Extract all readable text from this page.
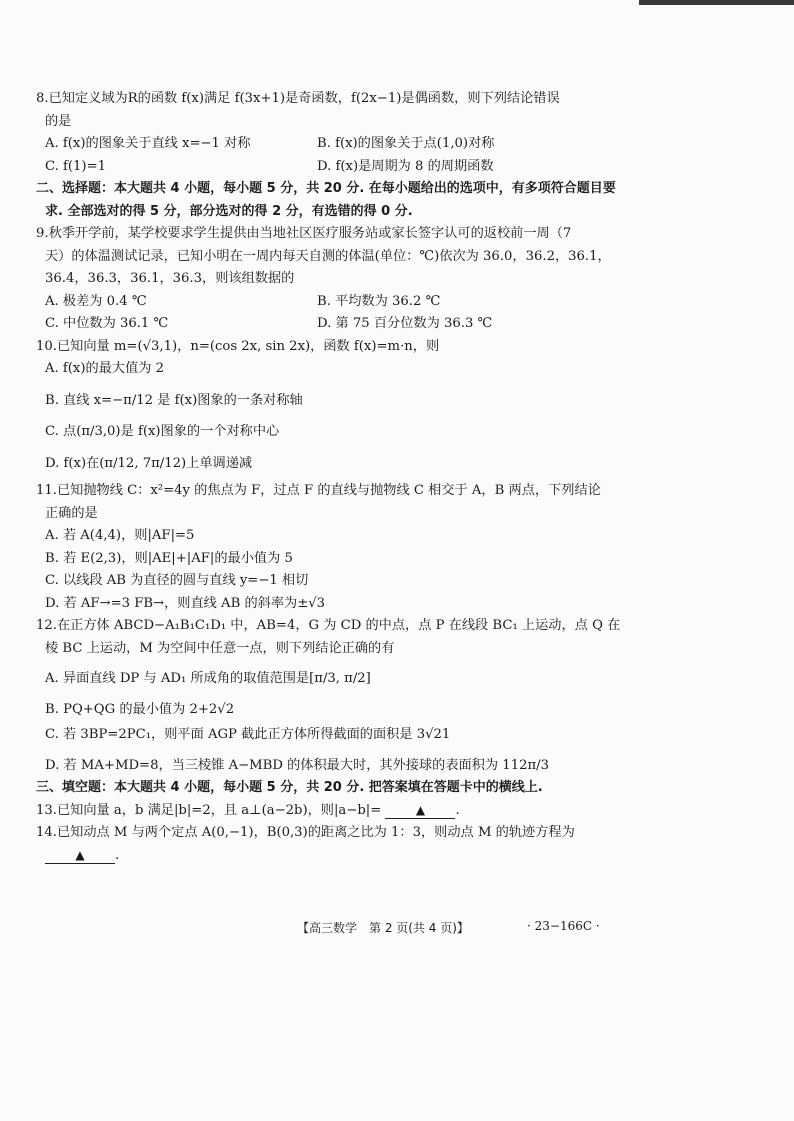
8.已知定义域为R的函数 f(x)满足 f(3x+1)是奇函数，f(2x−1)是偶函数，则下列结论错误
的是
A. f(x)的图象关于直线 x=−1 对称	B. f(x)的图象关于点(1,0)对称
C. f(1)=1	D. f(x)是周期为 8 的周期函数
二、选择题：本大题共 4 小题，每小题 5 分，共 20 分. 在每小题给出的选项中，有多项符合题目要
求. 全部选对的得 5 分，部分选对的得 2 分，有选错的得 0 分.
9.秋季开学前，某学校要求学生提供由当地社区医疗服务站或家长签字认可的返校前一周（7
天）的体温测试记录，已知小明在一周内每天自测的体温(单位：℃)依次为 36.0，36.2，36.1，
36.4，36.3，36.1，36.3，则该组数据的
A. 极差为 0.4 ℃	B. 平均数为 36.2 ℃
C. 中位数为 36.1 ℃	D. 第 75 百分位数为 36.3 ℃
10.已知向量 m=(√3,1)，n=(cos 2x, sin 2x)，函数 f(x)=m·n，则
A. f(x)的最大值为 2
B. 直线 x=−π/12 是 f(x)图象的一条对称轴
C. 点(π/3,0)是 f(x)图象的一个对称中心
D. f(x)在(π/12, 7π/12)上单调递减
11.已知抛物线 C：x²=4y 的焦点为 F，过点 F 的直线与抛物线 C 相交于 A，B 两点，下列结论
正确的是
A. 若 A(4,4)，则|AF|=5
B. 若 E(2,3)，则|AE|+|AF|的最小值为 5
C. 以线段 AB 为直径的圆与直线 y=−1 相切
D. 若 AF→=3 FB→，则直线 AB 的斜率为±√3
12.在正方体 ABCD−A₁B₁C₁D₁ 中，AB=4，G 为 CD 的中点，点 P 在线段 BC₁ 上运动，点 Q 在
棱 BC 上运动，M 为空间中任意一点，则下列结论正确的有
A. 异面直线 DP 与 AD₁ 所成角的取值范围是[π/3, π/2]
B. PQ+QG 的最小值为 2+2√2
C. 若 3BP=2PC₁，则平面 AGP 截此正方体所得截面的面积是 3√21
D. 若 MA+MD=8，当三棱锥 A−MBD 的体积最大时，其外接球的表面积为 112π/3
三、填空题：本大题共 4 小题，每小题 5 分，共 20 分. 把答案填在答题卡中的横线上.
13.已知向量 a，b 满足|b|=2，且 a⊥(a−2b)，则|a−b|=	▲ .
14.已知动点 M 与两个定点 A(0,−1)，B(0,3)的距离之比为 1：3，则动点 M 的轨迹方程为
▲ .
【高三数学　第 2 页(共 4 页)】	· 23−166C ·
